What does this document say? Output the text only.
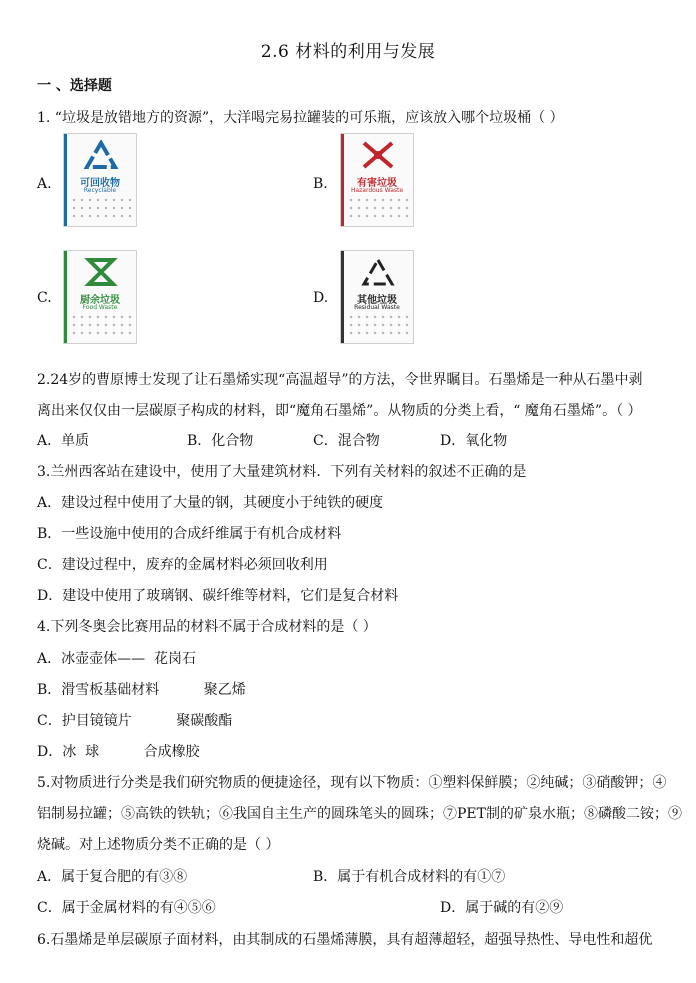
2.6 材料的利用与发展
一 、选择题
1. “垃圾是放错地方的资源”，大洋喝完易拉罐装的可乐瓶，应该放入哪个垃圾桶（ ）
A.	可回收物
Recyclable	B.	有害垃圾
Hazardous Waste
C.	厨余垃圾
Food Waste
D.	其他垃圾
Residual Waste
2.24岁的曹原博士发现了让石墨烯实现“高温超导”的方法，令世界瞩目。石墨烯是一种从石墨中剥
离出来仅仅由一层碳原子构成的材料，即“魔角石墨烯”。从物质的分类上看，“ 魔角石墨烯”。（ ）
A．单质	B．化合物	C．混合物	D．氧化物
3.兰州西客站在建设中，使用了大量建筑材料．下列有关材料的叙述不正确的是
A．建设过程中使用了大量的钢，其硬度小于纯铁的硬度
B．一些设施中使用的合成纤维属于有机合成材料
C．建设过程中，废弃的金属材料必须回收利用
D．建设中使用了玻璃钢、碳纤维等材料，它们是复合材料
4.下列冬奥会比赛用品的材料不属于合成材料的是（ ）
A．冰壶壶体——  花岗石
B．滑雪板基础材料          聚乙烯
C．护目镜镜片          聚碳酸酯
D．冰  球          合成橡胶
5.对物质进行分类是我们研究物质的便捷途径，现有以下物质：①塑料保鲜膜；②纯碱；③硝酸钾；④
铝制易拉罐；⑤高铁的铁轨；⑥我国自主生产的圆珠笔头的圆珠；⑦PET制的矿泉水瓶；⑧磷酸二铵；⑨
烧碱。对上述物质分类不正确的是（ ）
A．属于复合肥的有③⑧	B．属于有机合成材料的有①⑦
C．属于金属材料的有④⑤⑥	D．属于碱的有②⑨
6.石墨烯是单层碳原子面材料，由其制成的石墨烯薄膜，具有超薄超轻，超强导热性、导电性和超优
